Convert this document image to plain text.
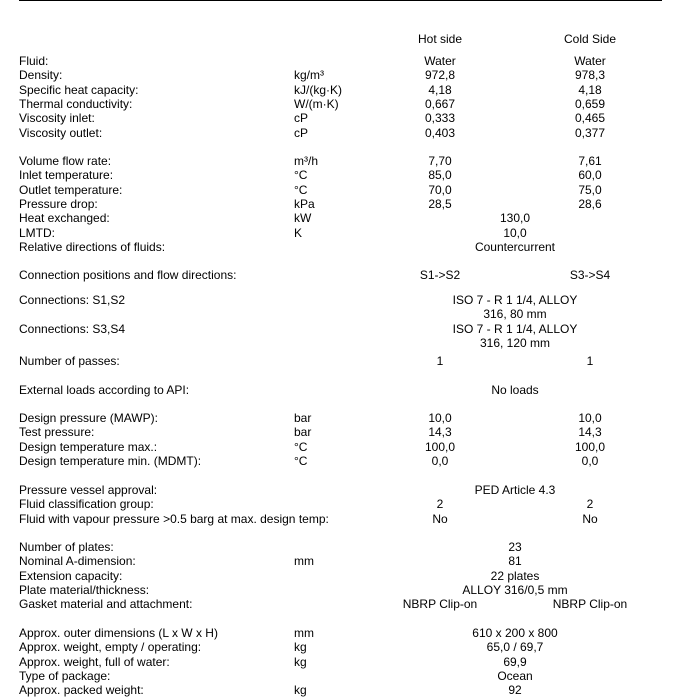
Hot side	Cold Side
Fluid:	Water	Water
Density:	kg/m³	972,8	978,3
Specific heat capacity:	kJ/(kg·K)	4,18	4,18
Thermal conductivity:	W/(m·K)	0,667	0,659
Viscosity inlet:	cP	0,333	0,465
Viscosity outlet:	cP	0,403	0,377
Volume flow rate:	m³/h	7,70	7,61
Inlet temperature:	°C	85,0	60,0
Outlet temperature:	°C	70,0	75,0
Pressure drop:	kPa	28,5	28,6
Heat exchanged:	kW	130,0
LMTD:	K	10,0
Relative directions of fluids:	Countercurrent
Connection positions and flow directions:	S1->S2	S3->S4
Connections: S1,S2	ISO 7 - R 1 1/4, ALLOY
316, 80 mm
Connections: S3,S4	ISO 7 - R 1 1/4, ALLOY
316, 120 mm
Number of passes:	1	1
External loads according to API:	No loads
Design pressure (MAWP):	bar	10,0	10,0
Test pressure:	bar	14,3	14,3
Design temperature max.:	°C	100,0	100,0
Design temperature min. (MDMT):	°C	0,0	0,0
Pressure vessel approval:	PED Article 4.3
Fluid classification group:	2	2
Fluid with vapour pressure >0.5 barg at max. design temp:	No	No
Number of plates:	23
Nominal A-dimension:	mm	81
Extension capacity:	22 plates
Plate material/thickness:	ALLOY 316/0,5 mm
Gasket material and attachment:	NBRP Clip-on	NBRP Clip-on
Approx. outer dimensions (L x W x H)	mm	610 x 200 x 800
Approx. weight, empty / operating:	kg	65,0 / 69,7
Approx. weight, full of water:	kg	69,9
Type of package:	Ocean
Approx. packed weight:	kg	92
